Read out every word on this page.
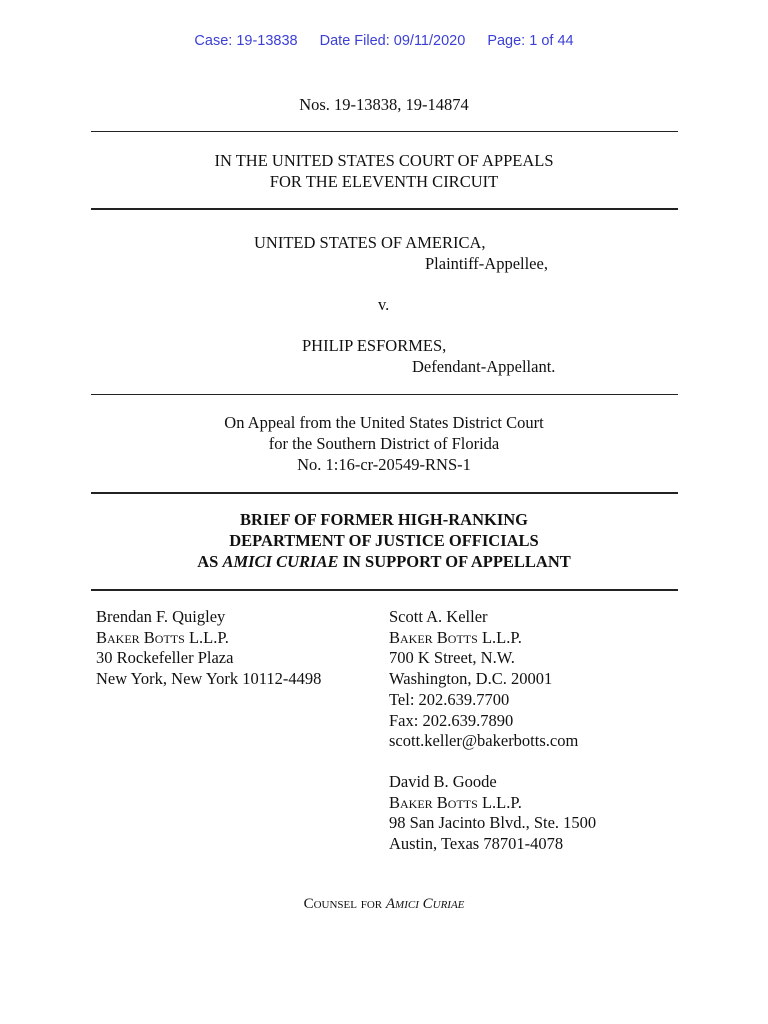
Case: 19-13838 Date Filed: 09/11/2020 Page: 1 of 44
Nos. 19-13838, 19-14874
IN THE UNITED STATES COURT OF APPEALS
FOR THE ELEVENTH CIRCUIT
UNITED STATES OF AMERICA,
Plaintiff-Appellee,
v.
PHILIP ESFORMES,
Defendant-Appellant.
On Appeal from the United States District Court
for the Southern District of Florida
No. 1:16-cr-20549-RNS-1
BRIEF OF FORMER HIGH-RANKING
DEPARTMENT OF JUSTICE OFFICIALS
AS AMICI CURIAE IN SUPPORT OF APPELLANT
Brendan F. Quigley
Baker Botts L.L.P.
30 Rockefeller Plaza
New York, New York 10112-4498
Scott A. Keller
Baker Botts L.L.P.
700 K Street, N.W.
Washington, D.C. 20001
Tel: 202.639.7700
Fax: 202.639.7890
scott.keller@bakerbotts.com
David B. Goode
Baker Botts L.L.P.
98 San Jacinto Blvd., Ste. 1500
Austin, Texas 78701-4078
Counsel for Amici Curiae
